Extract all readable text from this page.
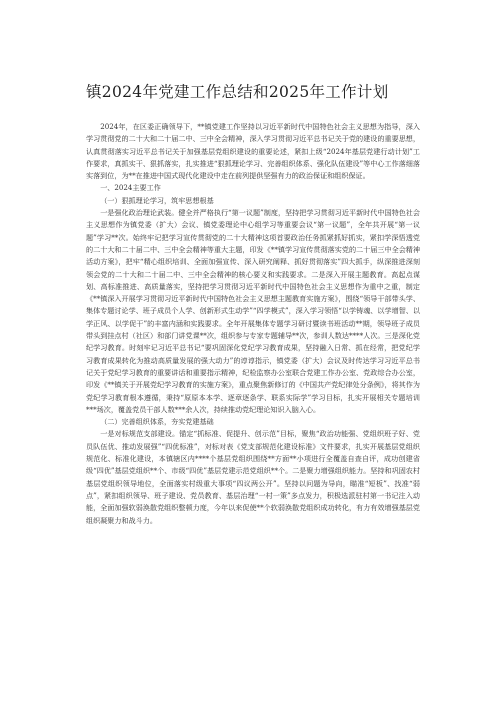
镇2024年党建工作总结和2025年工作计划

2024年，在区委正确领导下，**镇党建工作坚持以习近平新时代中国特色社会主义思想为指导，深入学习贯彻党的二十大和二十届二中、三中全会精神，深入学习贯彻习近平总书记关于党的建设的重要思想，认真贯彻落实习近平总书记关于加强基层党组织建设的重要论述，紧扣上级“2024年基层党建行动计划”工作要求，真抓实干、狠抓落实，扎实推进“狠抓理论学习、完善组织体系、强化队伍建设”等中心工作落细落实落到位，为**在推进中国式现代化建设中走在前列提供坚强有力的政治保证和组织保证。

一、2024主要工作

（一）狠抓理论学习，筑牢思想根基

一是强化政治理论武装。健全并严格执行“第一议题”制度，坚持把学习贯彻习近平新时代中国特色社会主义思想作为镇党委（扩大）会议、镇党委理论中心组学习等重要会议“第一议题”，全年共开展“第一议题”学习**次。始终牢记把学习宣传贯彻党的二十大精神这项首要政治任务抓紧抓好抓实，紧扣学深悟透党的二十大和二十届二中、三中全会精神等重大主题，印发《**镇学习宣传贯彻落实党的二十届三中全会精神活动方案》，把牢“精心组织培训、全面加强宣传、深入研究阐释、抓好贯彻落实”四大抓手，纵深推进深刻领会党的二十大和二十届二中、三中全会精神的核心要义和实践要求。二是深入开展主题教育。高起点谋划、高标准推进、高质量落实，坚持把学习贯彻习近平新时代中国特色社会主义思想作为重中之重，制定《**镇深入开展学习贯彻习近平新时代中国特色社会主义思想主题教育实施方案》，围绕“领导干部带头学、集体专题讨论学、班子成员个人学、创新形式生动学”“四学模式”，深入学习领悟“以学铸魂、以学增智、以学正风、以学促干”的丰富内涵和实践要求。全年开展集体专题学习研讨暨读书班活动**期，领导班子成员带头到挂点村（社区）和部门讲党课**次，组织参与专家专题辅导**次，参训人数达****人次。三是深化党纪学习教育。时刻牢记习近平总书记“要巩固深化党纪学习教育成果，坚持融入日常、抓在经常，把党纪学习教育成果转化为推动高质量发展的强大动力”的谆谆指示，镇党委（扩大）会议及时传达学习习近平总书记关于党纪学习教育的重要讲话和重要指示精神，纪检监察办公室联合党建工作办公室、党政综合办公室，印发《**镇关于开展党纪学习教育的实施方案》，重点聚焦新修订的《中国共产党纪律处分条例》，将其作为党纪学习教育根本遵循，秉持“原原本本学、逐章逐条学、联系实际学”学习目标，扎实开展相关专题培训***场次，覆盖党员干部人数***余人次，持续推动党纪理论知识入脑入心。

（二）完善组织体系，夯实党建基础

一是对标规范支部建设。锚定“抓标准、促提升、创示范”目标，聚焦“政治功能强、党组织班子好、党员队伍优、推动发展强”“四优标准”，对标对表《党支部规范化建设标准》文件要求，扎实开展基层党组织规范化、标准化建设，本镇辖区内****个基层党组织围绕**方面**小项进行全覆盖自查自评，成功创建省级“四优”基层党组织**个、市级“四优”基层党建示范党组织**个。二是聚力增强组织能力。坚持和巩固农村基层党组织领导地位，全面落实村级重大事项“四议两公开”。坚持以问题为导向，瞄准“短板”、找准“弱点”，紧扣组织领导、班子建设、党员教育、基层治理“一村一策”多点发力，积极选派驻村第一书记注入动能，全面加强软弱涣散党组织整顿力度，今年以来促使**个软弱涣散党组织成功转化，有力有效增强基层党组织凝聚力和战斗力。
